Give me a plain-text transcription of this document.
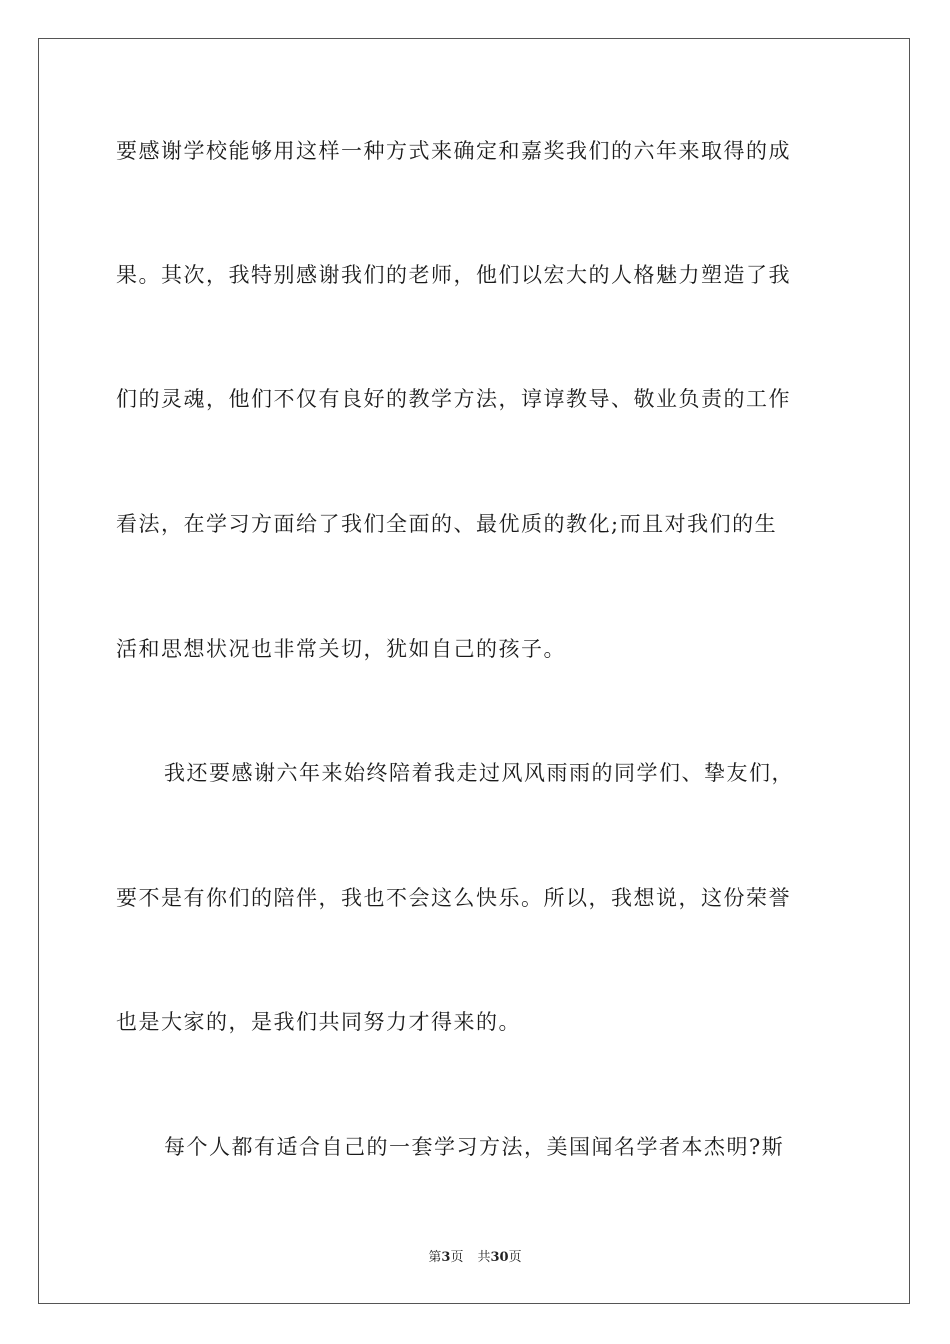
要感谢学校能够用这样一种方式来确定和嘉奖我们的六年来取得的成
果。其次，我特别感谢我们的老师，他们以宏大的人格魅力塑造了我
们的灵魂，他们不仅有良好的教学方法，谆谆教导、敬业负责的工作
看法，在学习方面给了我们全面的、最优质的教化;而且对我们的生
活和思想状况也非常关切，犹如自己的孩子。
我还要感谢六年来始终陪着我走过风风雨雨的同学们、挚友们，
要不是有你们的陪伴，我也不会这么快乐。所以，我想说，这份荣誉
也是大家的，是我们共同努力才得来的。
每个人都有适合自己的一套学习方法，美国闻名学者本杰明?斯
第3页 共30页
